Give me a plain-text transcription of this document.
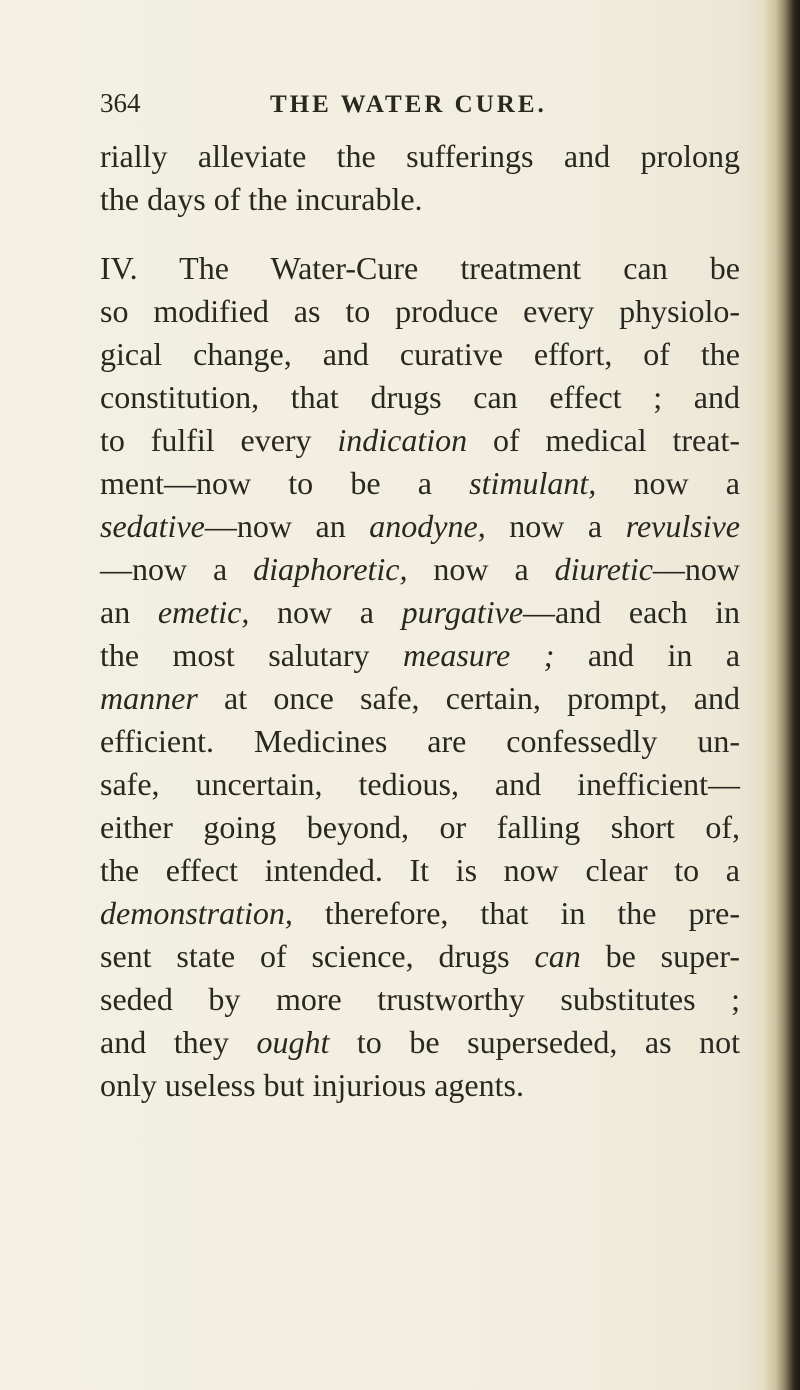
364	THE WATER CURE.
rially alleviate the sufferings and prolong
the days of the incurable.
IV. The Water-Cure treatment can be
so modified as to produce every physiolo-
gical change, and curative effort, of the
constitution, that drugs can effect ; and
to fulfil every indication of medical treat-
ment—now to be a stimulant, now a
sedative—now an anodyne, now a revulsive
—now a diaphoretic, now a diuretic—now
an emetic, now a purgative—and each in
the most salutary measure ; and in a
manner at once safe, certain, prompt, and
efficient. Medicines are confessedly un-
safe, uncertain, tedious, and inefficient—
either going beyond, or falling short of,
the effect intended. It is now clear to a
demonstration, therefore, that in the pre-
sent state of science, drugs can be super-
seded by more trustworthy substitutes ;
and they ought to be superseded, as not
only useless but injurious agents.
